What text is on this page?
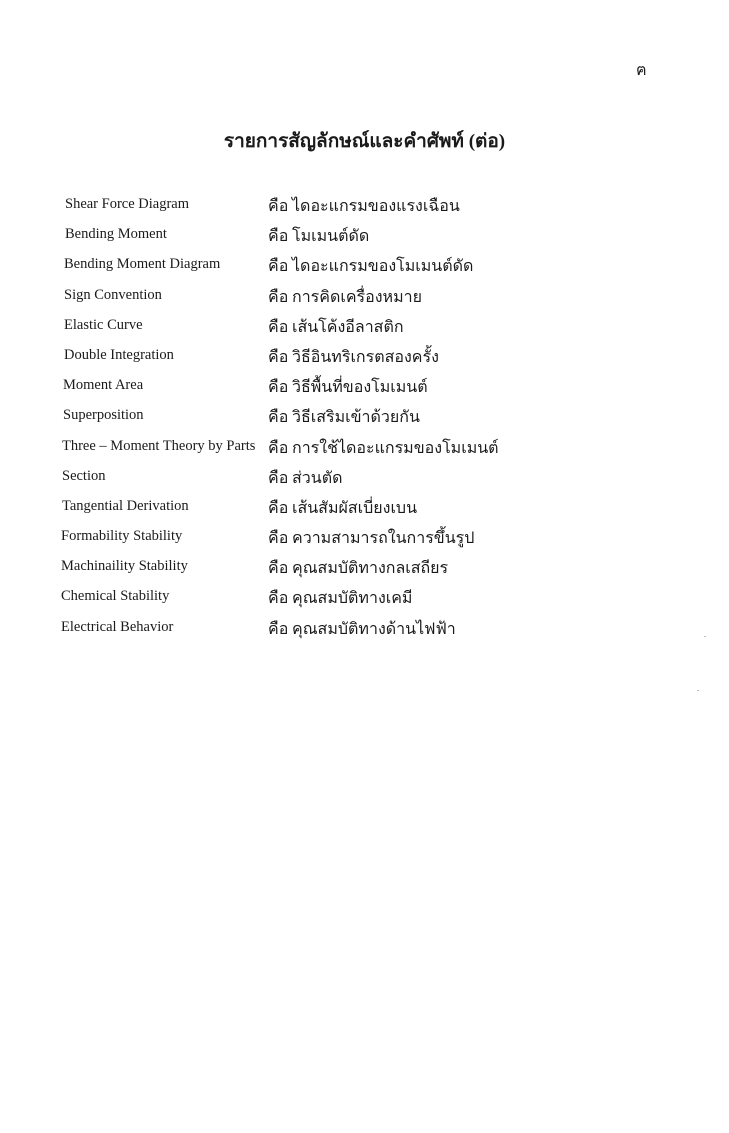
ฅ
รายการสัญลักษณ์และคำศัพท์ (ต่อ)
Shear Force Diagram	คือ ไดอะแกรมของแรงเฉือน
Bending Moment	คือ โมเมนต์ดัด
Bending Moment Diagram	คือ ไดอะแกรมของโมเมนต์ดัด
Sign Convention	คือ การคิดเครื่องหมาย
Elastic Curve	คือ เส้นโค้งอีลาสติก
Double Integration	คือ วิธีอินทริเกรตสองครั้ง
Moment Area	คือ วิธีพื้นที่ของโมเมนต์
Superposition	คือ วิธีเสริมเข้าด้วยกัน
Three – Moment Theory by Parts คือ การใช้ไดอะแกรมของโมเมนต์
Section	คือ ส่วนตัด
Tangential Derivation	คือ เส้นสัมผัสเบี่ยงเบน
Formability Stability	คือ ความสามารถในการขึ้นรูป
Machinaility Stability	คือ คุณสมบัติทางกลเสถียร
Chemical Stability	คือ คุณสมบัติทางเคมี
Electrical Behavior	คือ คุณสมบัติทางด้านไฟฟ้า
